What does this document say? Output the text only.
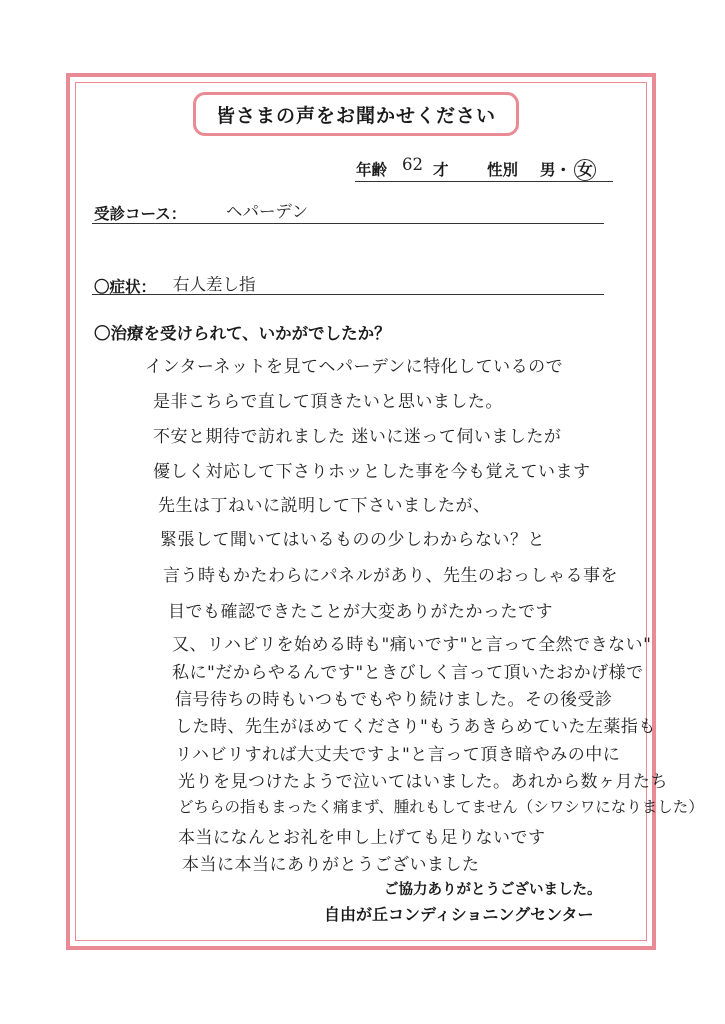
皆さまの声をお聞かせください
年齢 62 才 性別 男・ 女
受診コース： ヘパーデン
〇症状： 右人差し指
〇治療を受けられて、いかがでしたか？
インターネットを見てヘパーデンに特化しているので
是非こちらで直して頂きたいと思いました。
不安と期待で訪れました 迷いに迷って伺いましたが
優しく対応して下さりホッとした事を今も覚えています
先生は丁ねいに説明して下さいましたが、
緊張して聞いてはいるものの少しわからない？と
言う時もかたわらにパネルがあり、先生のおっしゃる事を
目でも確認できたことが大変ありがたかったです
又、リハビリを始める時も"痛いです"と言って全然できない"
私に"だからやるんです"ときびしく言って頂いたおかげ様で
信号待ちの時もいつもでもやり続けました。その後受診
した時、先生がほめてくださり"もうあきらめていた左薬指も
リハビリすれば大丈夫ですよ"と言って頂き暗やみの中に
光りを見つけたようで泣いてはいました。あれから数ヶ月たち
どちらの指もまったく痛まず、腫れもしてません（シワシワになりました）
本当になんとお礼を申し上げても足りないです
本当に本当にありがとうございました
ご協力ありがとうございました。
自由が丘コンディショニングセンター
